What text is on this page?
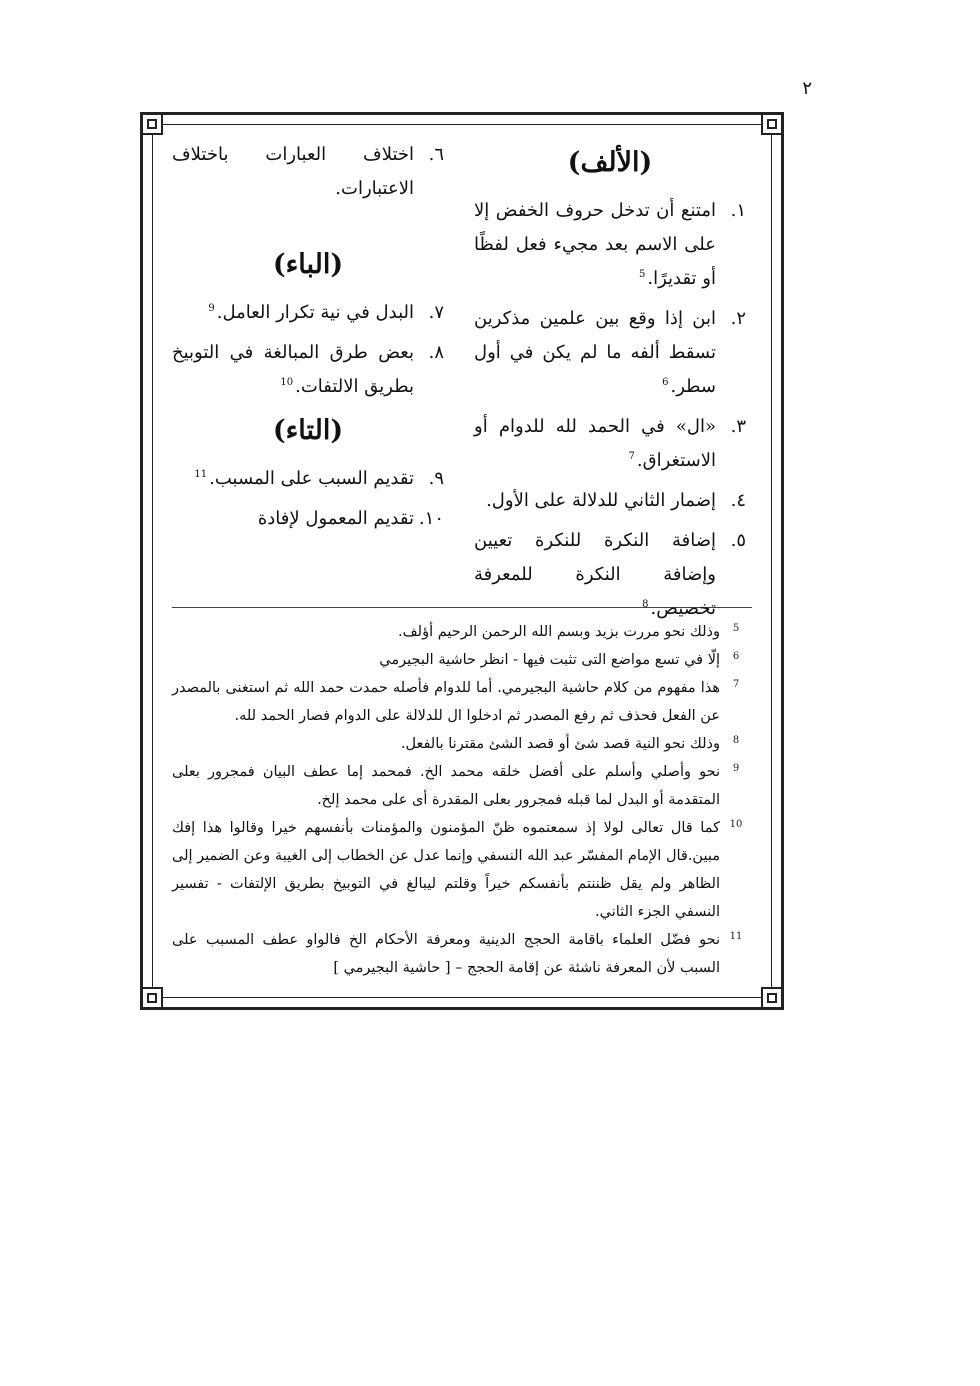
٢
(الألف)
١.
امتنع أن تدخل حروف الخفض إلا على الاسم بعد مجيء فعل لفظًا أو تقديرًا.$^5$
٢.
ابن إذا وقع بين علمين مذكرين تسقط ألفه ما لم يكن في أول سطر.$^6$
٣.
«ال» في الحمد لله للدوام أو الاستغراق.$^7$
٤.
إضمار الثاني للدلالة على الأول.
٥.
إضافة النكرة للنكرة تعيين وإضافة النكرة للمعرفة تخصيص.$^8$
٦.
اختلاف العبارات باختلاف الاعتبارات.
(الباء)
٧.
البدل في نية تكرار العامل.$^9$
٨.
بعض طرق المبالغة في التوبيخ بطريق الالتفات.$^{10}$
(التاء)
٩.
تقديم السبب على المسبب.$^{11}$
١٠.
تقديم المعمول لإفادة
5
وذلك نحو مررت بزيد وبسم الله الرحمن الرحيم أؤلف.
6
إلّا في تسع مواضع التى تثبت فيها - انظر حاشية البجيرمي
7
هذا مفهوم من كلام حاشية البجيرمي. أما للدوام فأصله حمدت حمد الله ثم استغنى بالمصدر عن الفعل فحذف ثم رفع المصدر ثم ادخلوا ال للدلالة على الدوام فصار الحمد لله.
8
وذلك نحو النية قصد شئ أو قصد الشئ مقترنا بالفعل.
9
نحو وأصلي وأسلم على أفضل خلقه محمد الخ. فمحمد إما عطف البيان فمجرور بعلى المتقدمة أو البدل لما قبله فمجرور بعلى المقدرة أى على محمد إلخ.
10
كما قال تعالى لولا إذ سمعتموه ظنّ المؤمنون والمؤمنات بأنفسهم خيرا وقالوا هذا إفك مبين.قال الإمام المفسّر عبد الله النسفي وإنما عدل عن الخطاب إلى الغيبة وعن الضمير إلى الظاهر ولم يقل ظننتم بأنفسكم خيراً وقلتم ليبالغ في التوبيخ بطريق الإلتفات - تفسير النسفي الجزء الثاني.
11
نحو فضّل العلماء باقامة الحجج الدينية ومعرفة الأحكام الخ فالواو عطف المسبب على السبب لأن المعرفة ناشئة عن إقامة الحجج – [ حاشية البجيرمي ]
